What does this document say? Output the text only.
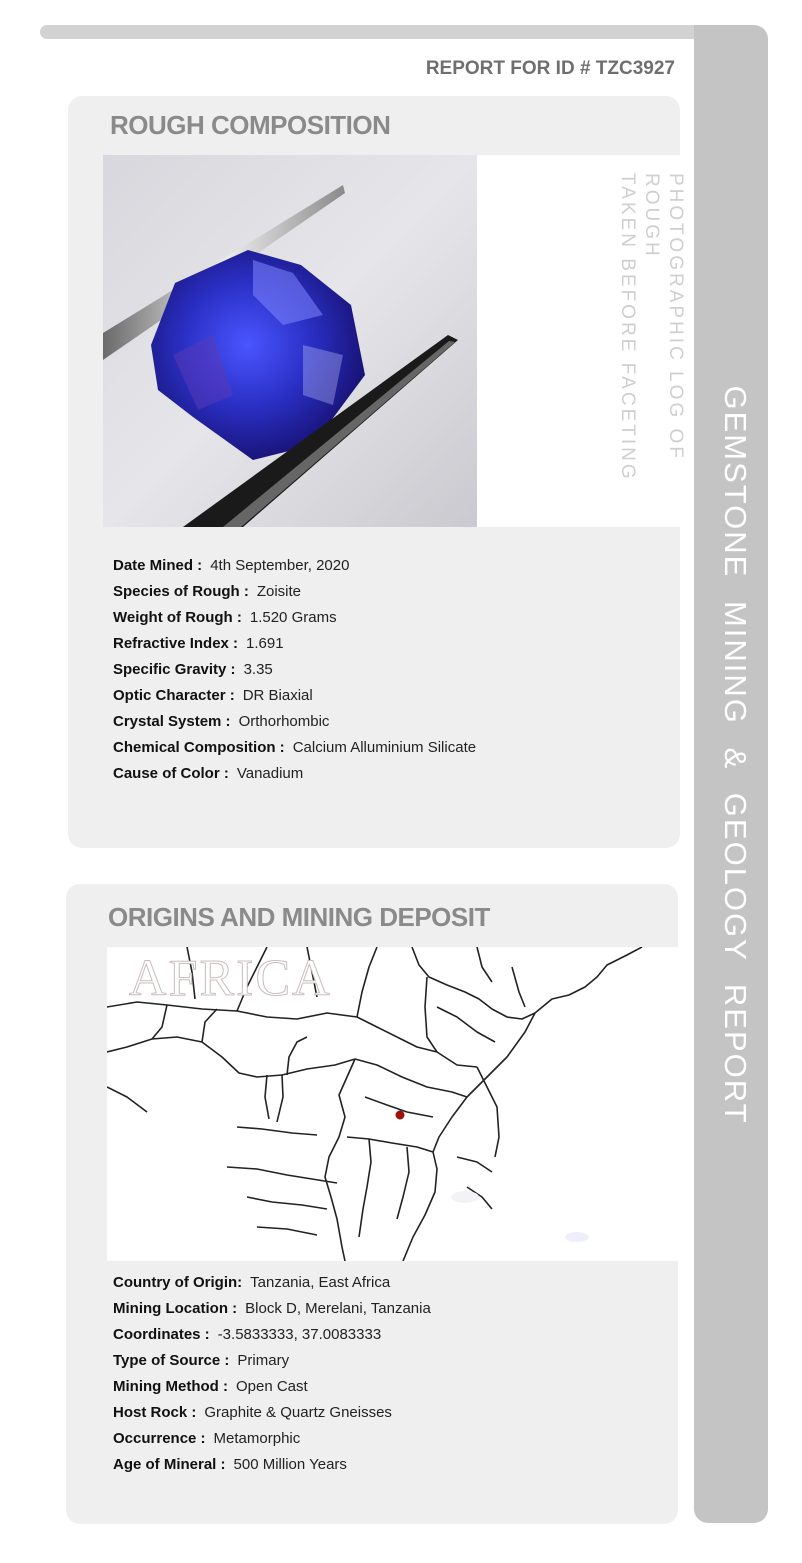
GEMSTONE MINING & GEOLOGY REPORT
REPORT FOR ID # TZC3927
ROUGH COMPOSITION
PHOTOGRAPHIC LOG OF ROUGH
TAKEN BEFORE FACETING
Date Mined : 4th September, 2020
Species of Rough : Zoisite
Weight of Rough : 1.520 Grams
Refractive Index : 1.691
Specific Gravity : 3.35
Optic Character : DR Biaxial
Crystal System : Orthorhombic
Chemical Composition : Calcium Alluminium Silicate
Cause of Color : Vanadium
ORIGINS AND MINING DEPOSIT
AFRICA
Country of Origin: Tanzania, East Africa
Mining Location : Block D, Merelani, Tanzania
Coordinates : -3.5833333, 37.0083333
Type of Source : Primary
Mining Method : Open Cast
Host Rock : Graphite & Quartz Gneisses
Occurrence : Metamorphic
Age of Mineral : 500 Million Years
